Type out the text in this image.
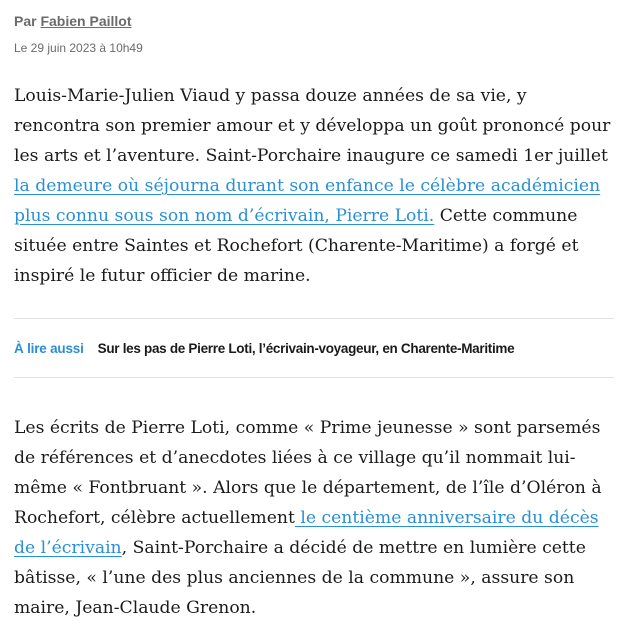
Par Fabien Paillot
Le 29 juin 2023 à 10h49

Louis-Marie-Julien Viaud y passa douze années de sa vie, y rencontra son premier amour et y développa un goût prononcé pour les arts et l’aventure. Saint-Porchaire inaugure ce samedi 1er juillet la demeure où séjourna durant son enfance le célèbre académicien plus connu sous son nom d’écrivain, Pierre Loti. Cette commune située entre Saintes et Rochefort (Charente-Maritime) a forgé et inspiré le futur officier de marine.

À lire aussi Sur les pas de Pierre Loti, l’écrivain-voyageur, en Charente-Maritime

Les écrits de Pierre Loti, comme « Prime jeunesse » sont parsemés de références et d’anecdotes liées à ce village qu’il nommait lui-même « Fontbruant ». Alors que le département, de l’île d’Oléron à Rochefort, célèbre actuellement le centième anniversaire du décès de l’écrivain, Saint-Porchaire a décidé de mettre en lumière cette bâtisse, « l’une des plus anciennes de la commune », assure son maire, Jean-Claude Grenon.
